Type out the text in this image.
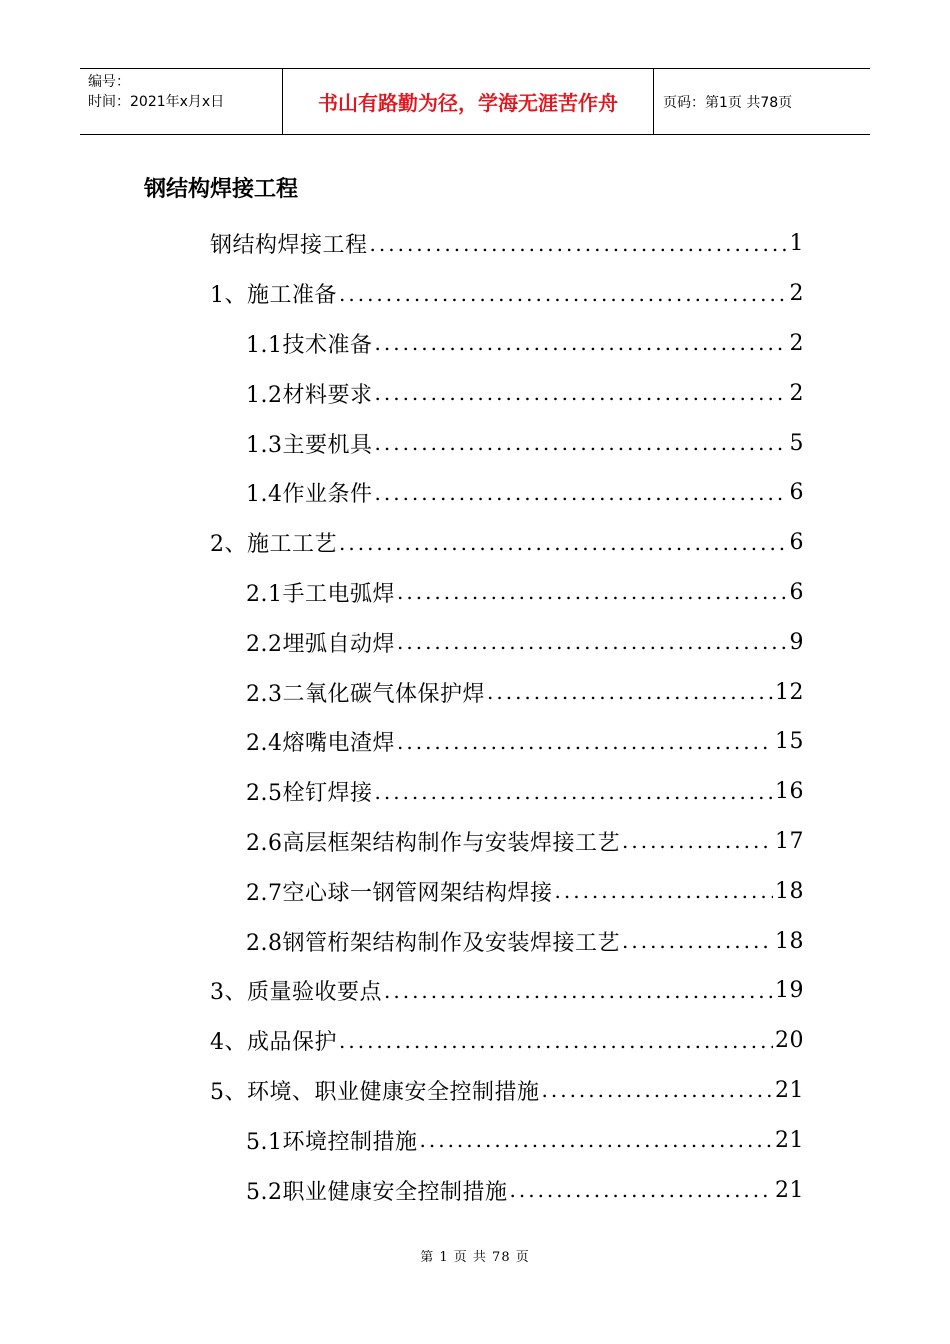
编号：
时间：2021年x月x日	书山有路勤为径，学海无涯苦作舟	页码：第1页 共78页
钢结构焊接工程
钢结构焊接工程 .....	1
1、施工准备 .....	2
1.1技术准备 .....	2
1.2材料要求 .....	2
1.3主要机具 .....	5
1.4作业条件 .....	6
2、施工工艺 .....	6
2.1手工电弧焊 .....	6
2.2埋弧自动焊 .....	9
2.3二氧化碳气体保护焊 .....	12
2.4熔嘴电渣焊 .....	15
2.5栓钉焊接 .....	16
2.6高层框架结构制作与安装焊接工艺 .....	17
2.7空心球一钢管网架结构焊接 .....	18
2.8钢管桁架结构制作及安装焊接工艺 .....	18
3、质量验收要点 .....	19
4、成品保护 .....	20
5、环境、职业健康安全控制措施 .....	21
5.1环境控制措施 .....	21
5.2职业健康安全控制措施 .....	21
第 1 页 共 78 页
